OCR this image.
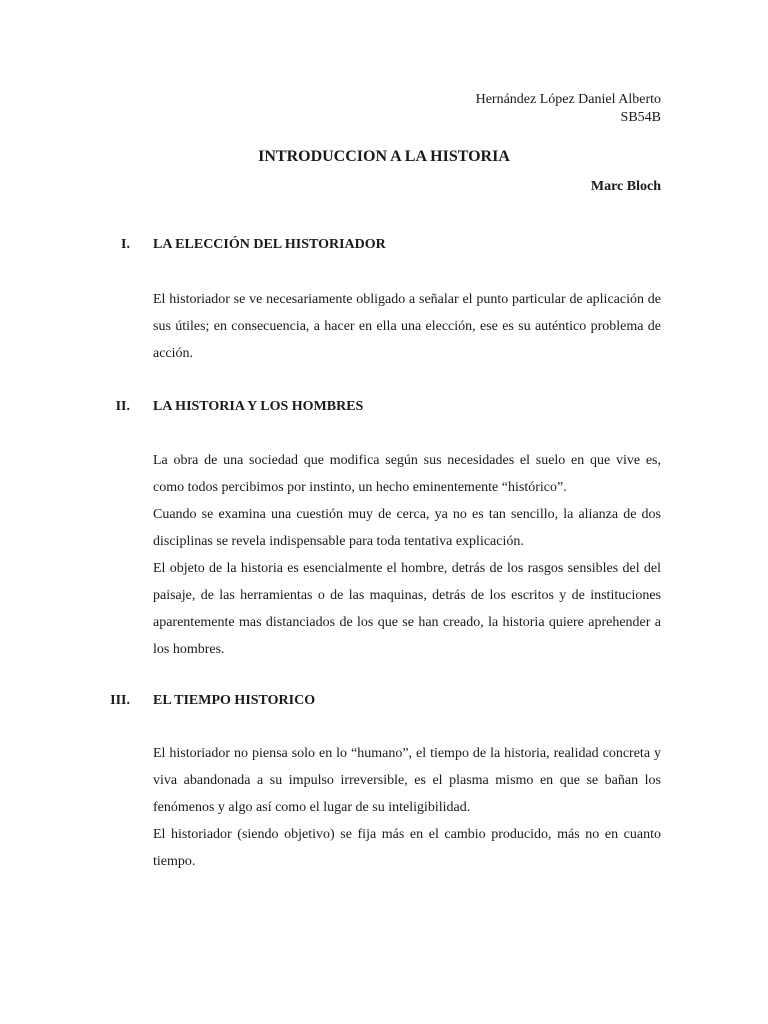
Hernández López Daniel Alberto
SB54B
INTRODUCCION A LA HISTORIA
Marc Bloch
I. LA ELECCIÓN DEL HISTORIADOR

El historiador se ve necesariamente obligado a señalar el punto particular de aplicación de sus útiles; en consecuencia, a hacer en ella una elección, ese es su auténtico problema de acción.

II. LA HISTORIA Y LOS HOMBRES

La obra de una sociedad que modifica según sus necesidades el suelo en que vive es, como todos percibimos por instinto, un hecho eminentemente “histórico”.

Cuando se examina una cuestión muy de cerca, ya no es tan sencillo, la alianza de dos disciplinas se revela indispensable para toda tentativa explicación.

El objeto de la historia es esencialmente el hombre, detrás de los rasgos sensibles del del paisaje, de las herramientas o de las maquinas, detrás de los escritos y de instituciones aparentemente mas distanciados de los que se han creado, la historia quiere aprehender a los hombres.

III. EL TIEMPO HISTORICO

El historiador no piensa solo en lo “humano”, el tiempo de la historia, realidad concreta y viva abandonada a su impulso irreversible, es el plasma mismo en que se bañan los fenómenos y algo así como el lugar de su inteligibilidad.

El historiador (siendo objetivo) se fija más en el cambio producido, más no en cuanto tiempo.
